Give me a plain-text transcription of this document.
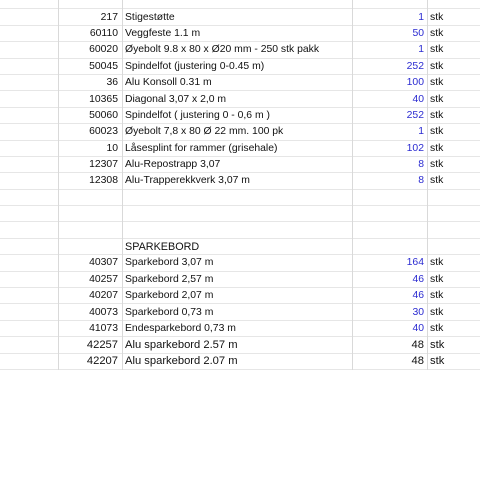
217 Stigestøtte	1 stk
60110 Veggfeste 1.1 m	50 stk
60020 Øyebolt 9.8 x 80 x Ø20 mm - 250 stk pakk	1 stk
50045 Spindelfot (justering 0-0.45 m)	252 stk
36 Alu Konsoll 0.31 m	100 stk
10365 Diagonal 3,07 x 2,0 m	40 stk
50060 Spindelfot ( justering 0 - 0,6 m )	252 stk
60023 Øyebolt 7,8 x 80 Ø 22 mm. 100 pk	1 stk
10 Låsesplint for rammer (grisehale)	102 stk
12307 Alu-Repostrapp 3,07	8 stk
12308 Alu-Trapperekkverk 3,07 m	8 stk
SPARKEBORD
40307 Sparkebord 3,07 m	164 stk
40257 Sparkebord 2,57 m	46 stk
40207 Sparkebord 2,07 m	46 stk
40073 Sparkebord 0,73 m	30 stk
41073 Endesparkebord 0,73 m	40 stk
42257 Alu sparkebord 2.57 m	48 stk
42207 Alu sparkebord 2.07 m	48 stk
